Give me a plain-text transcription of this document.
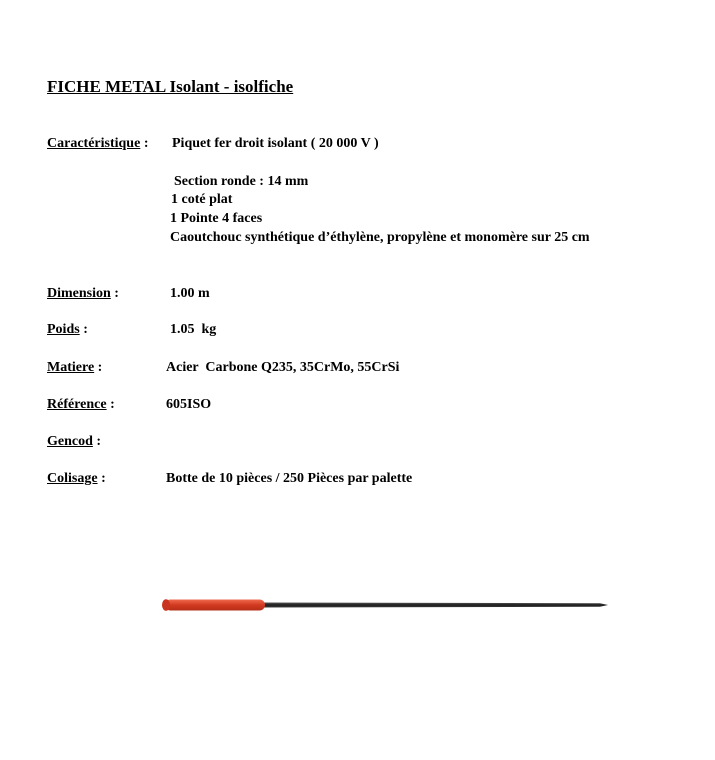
FICHE METAL Isolant - isolfiche
Caractéristique : Piquet fer droit isolant ( 20 000 V )
Section ronde : 14 mm
1 coté plat
1 Pointe 4 faces
Caoutchouc synthétique d’éthylène, propylène et monomère sur 25 cm
Dimension :	1.00 m
Poids :	1.05  kg
Matiere :	Acier  Carbone Q235, 35CrMo, 55CrSi
Référence :	605ISO
Gencod :
Colisage :	Botte de 10 pièces / 250 Pièces par palette
